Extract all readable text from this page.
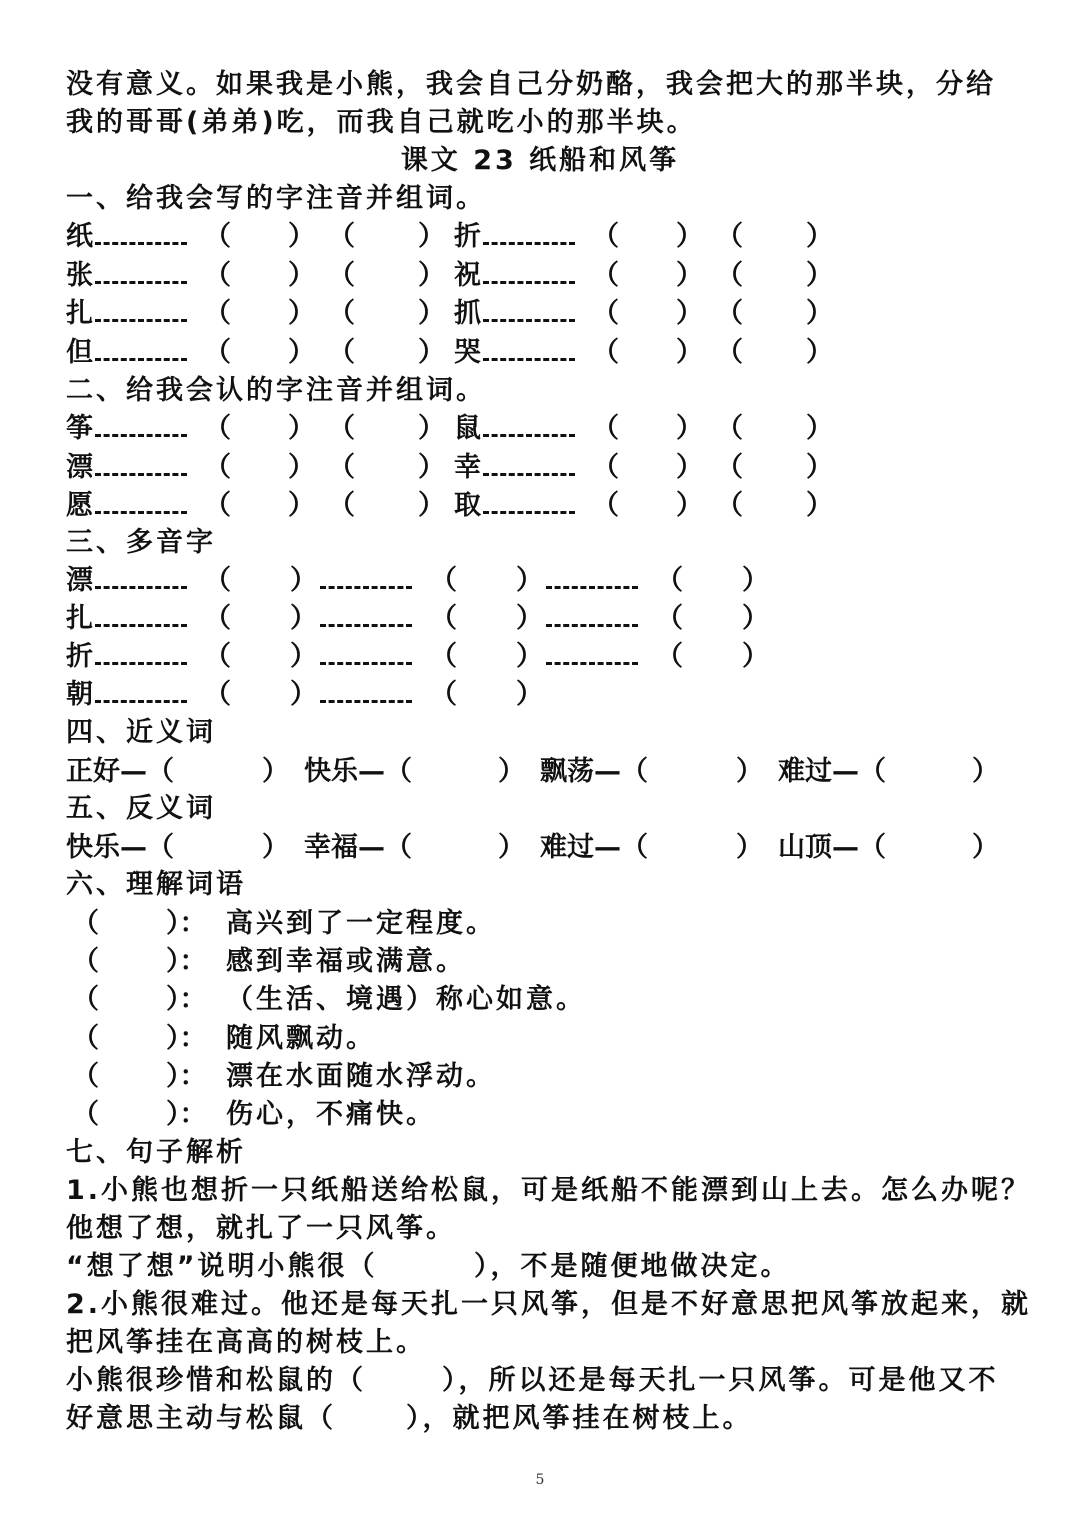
没有意义。如果我是小熊，我会自己分奶酪，我会把大的那半块，分给
我的哥哥(弟弟)吃，而我自己就吃小的那半块。
课文 23 纸船和风筝
一、给我会写的字注音并组词。
纸	（ ） （ ） 折	（ ） （ ）
张	（ ） （ ） 祝	（ ） （ ）
扎	（ ） （ ） 抓	（ ） （ ）
但	（ ） （ ） 哭	（ ） （ ）
二、给我会认的字注音并组词。
筝	（ ） （ ） 鼠	（ ） （ ）
漂	（ ） （ ） 幸	（ ） （ ）
愿	（ ） （ ） 取	（ ） （ ）
三、多音字
漂	（ ）	（ ）	（ ）
扎	（ ）	（ ）	（ ）
折	（ ）	（ ）	（ ）
朝	（ ）	（ ）
四、近义词
正好—（	） 快乐—（	） 飘荡—（	） 难过—（	）
五、反义词
快乐—（	） 幸福—（	） 难过—（	） 山顶—（	）
六、理解词语
（ ）： 高兴到了一定程度。
（ ）： 感到幸福或满意。
（ ）： （生活、境遇）称心如意。
（ ）： 随风飘动。
（ ）： 漂在水面随水浮动。
（ ）： 伤心，不痛快。
七、句子解析
1.小熊也想折一只纸船送给松鼠，可是纸船不能漂到山上去。怎么办呢？
他想了想，就扎了一只风筝。
“想了想”说明小熊很（	），不是随便地做决定。
2.小熊很难过。他还是每天扎一只风筝，但是不好意思把风筝放起来，就
把风筝挂在高高的树枝上。
小熊很珍惜和松鼠的（	），所以还是每天扎一只风筝。可是他又不
好意思主动与松鼠（	），就把风筝挂在树枝上。
5
